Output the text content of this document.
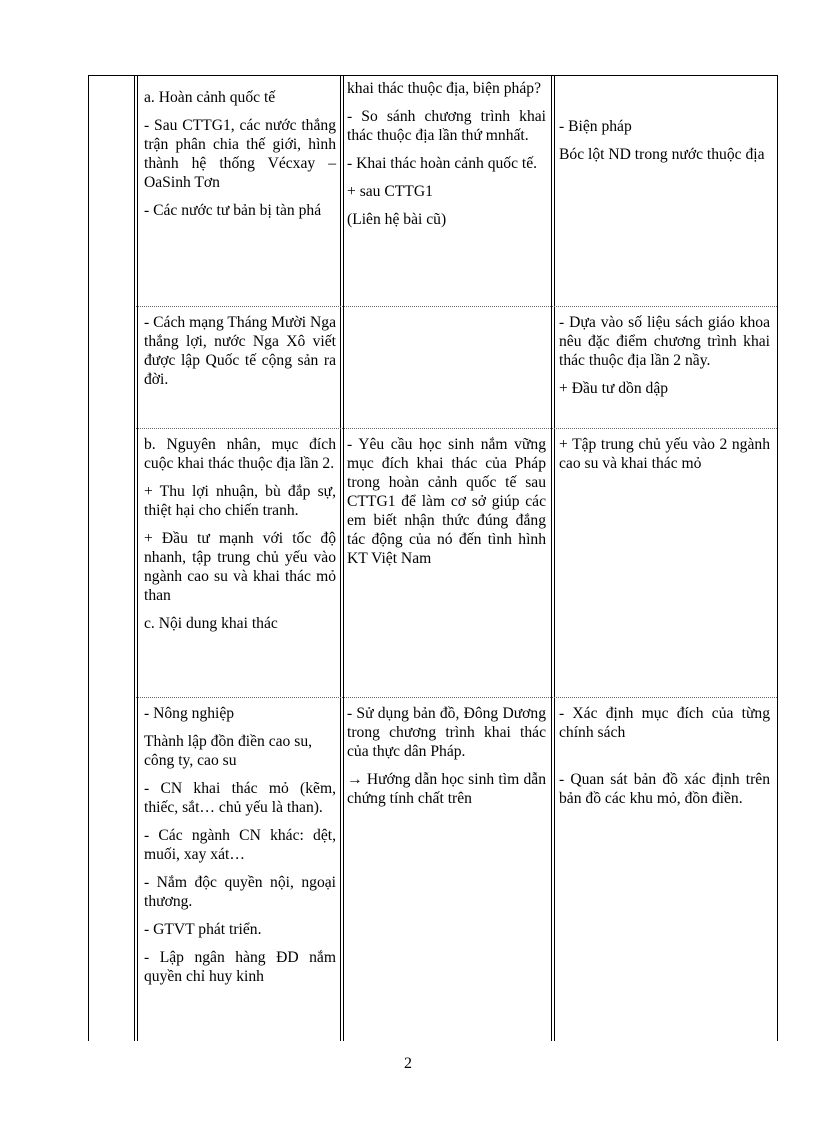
a. Hoàn cảnh quốc tế

- Sau CTTG1, các nước thắng trận phân chia thế giới, hình thành hệ thống Vécxay – OaSinh Tơn

- Các nước tư bản bị tàn phá

khai thác thuộc địa, biện pháp?

- So sánh chương trình khai thác thuộc địa lần thứ mnhất.

- Khai thác hoàn cảnh quốc tế.

+ sau CTTG1

(Liên hệ bài cũ)

- Biện pháp

Bóc lột ND trong nước thuộc địa

- Cách mạng Tháng Mười Nga thắng lợi, nước Nga Xô viết được lập Quốc tế cộng sản ra đời.

- Dựa vào số liệu sách giáo khoa nêu đặc điểm chương trình khai thác thuộc địa lần 2 nầy.

+ Đầu tư dồn dập

b. Nguyên nhân, mục đích cuộc khai thác thuộc địa lần 2.

+ Thu lợi nhuận, bù đắp sự, thiệt hại cho chiến tranh.

+ Đầu tư mạnh với tốc độ nhanh, tập trung chủ yếu vào ngành cao su và khai thác mỏ than

c. Nội dung khai thác

- Yêu cầu học sinh nắm vững mục đích khai thác của Pháp trong hoàn cảnh quốc tế sau CTTG1 để làm cơ sở giúp các em biết nhận thức đúng đắng tác động của nó đến tình hình KT Việt Nam

+ Tập trung chủ yếu vào 2 ngành cao su và khai thác mỏ

- Nông nghiệp

Thành lập đồn điền cao su, công ty, cao su

- CN khai thác mỏ (kẽm, thiếc, sắt… chủ yếu là than).

- Các ngành CN khác: dệt, muối, xay xát…

- Nắm độc quyền nội, ngoại thương.

- GTVT phát triển.

- Lập ngân hàng ĐD nắm quyền chỉ huy kinh

- Sử dụng bản đồ, Đông Dương trong chương trình khai thác của thực dân Pháp.

→ Hướng dẫn học sinh tìm dẫn chứng tính chất trên

- Xác định mục đích của từng chính sách

- Quan sát bản đồ xác định trên bản đồ các khu mỏ, đồn điền.

2
